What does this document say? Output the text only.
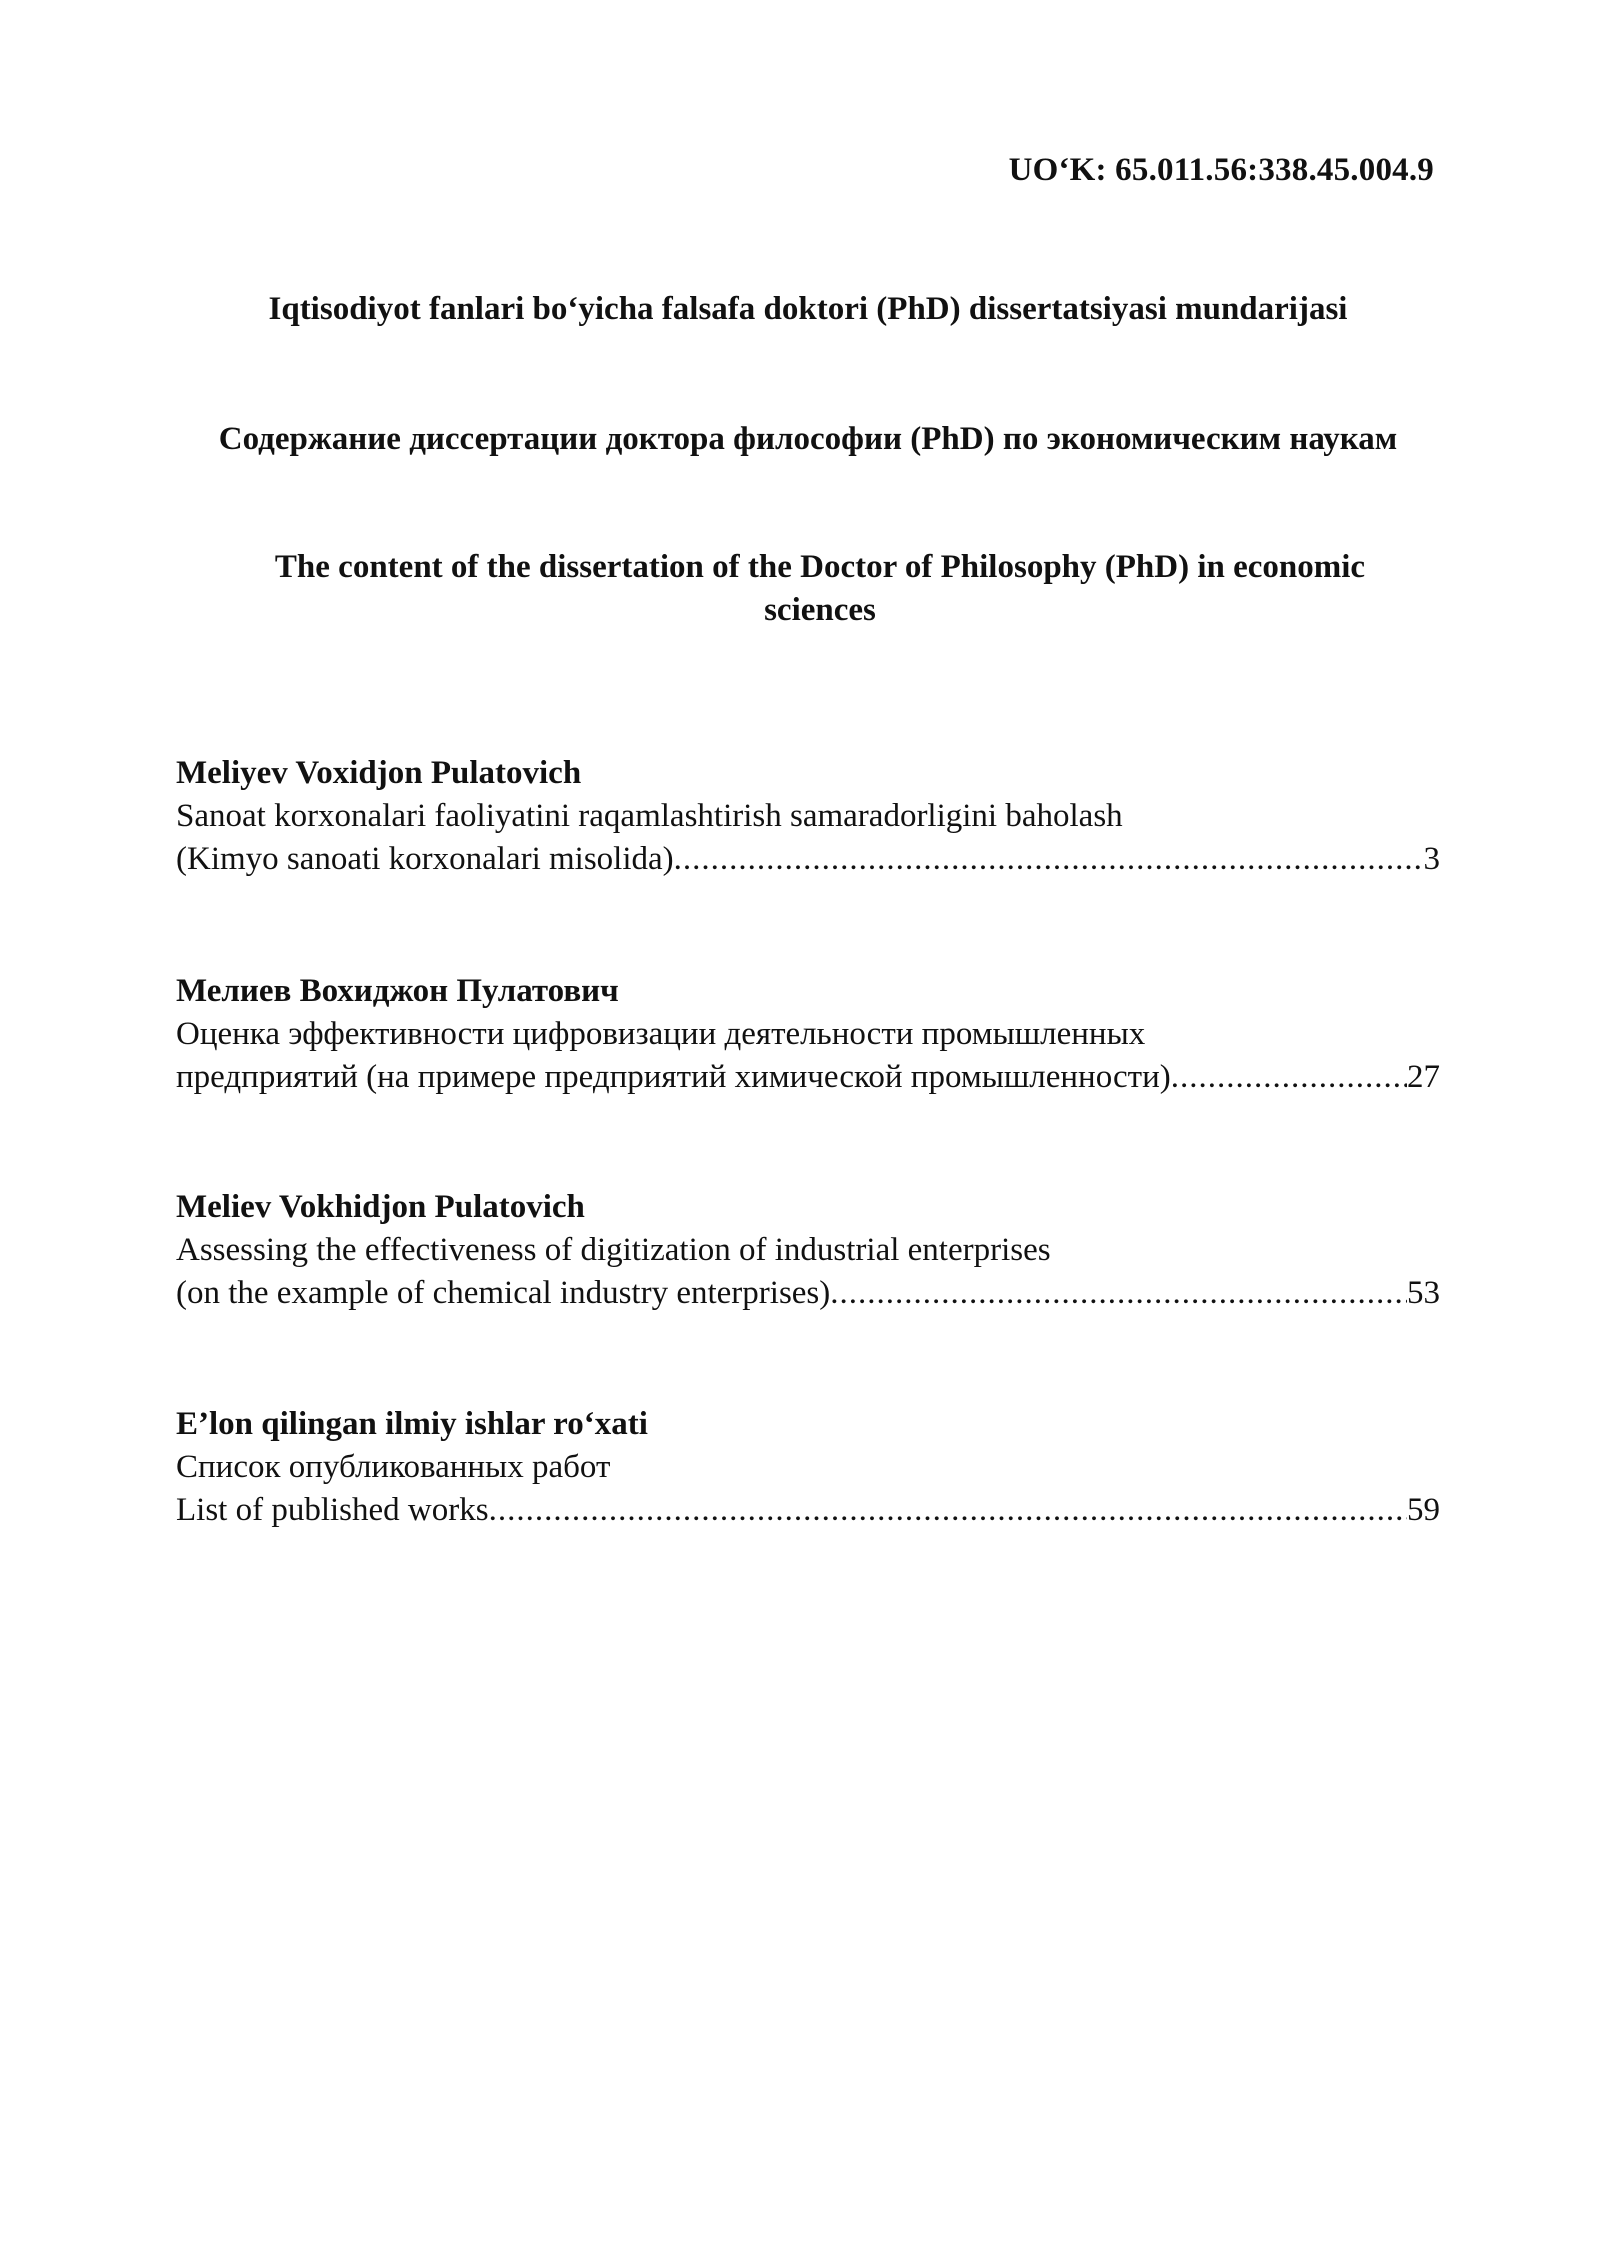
UO‘K: 65.011.56:338.45.004.9
Iqtisodiyot fanlari bo‘yicha falsafa doktori (PhD) dissertatsiyasi mundarijasi
Содержание диссертации доктора философии (PhD) по экономическим наукам
The content of the dissertation of the Doctor of Philosophy (PhD) in economic sciences
Meliyev Voxidjon Pulatovich
Sanoat korxonalari faoliyatini raqamlashtirish samaradorligini baholash
(Kimyo sanoati korxonalari misolida) .....	3
Мелиев Вохиджон Пулатович
Оценка эффективности цифровизации деятельности промышленных
предприятий (на примере предприятий химической промышленности) .....	27
Meliev Vokhidjon Pulatovich
Assessing the effectiveness of digitization of industrial enterprises
(on the example of chemical industry enterprises) .....	53
E’lon qilingan ilmiy ishlar ro‘xati
Список опубликованных работ
List of published works .....	59
